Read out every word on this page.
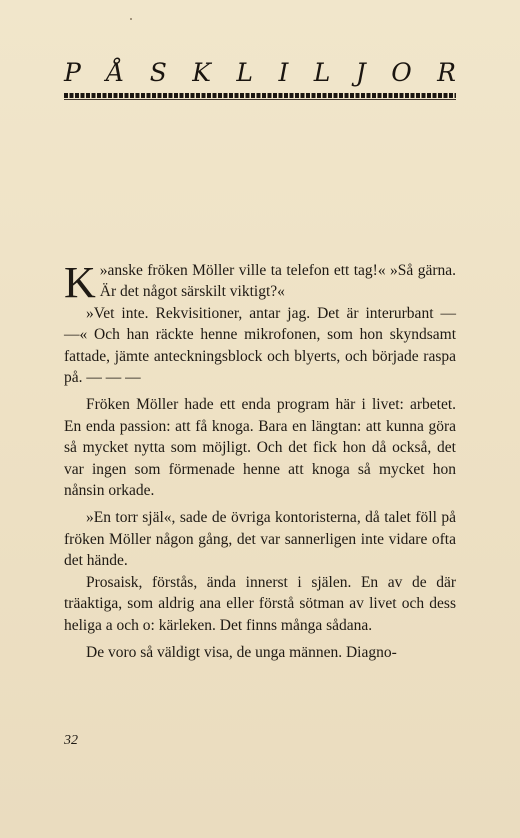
P Å S K L I L J O R

K »anske fröken Möller ville ta telefon ett tag!« »Så gärna. Är det något särskilt viktigt?«

»Vet inte. Rekvisitioner, antar jag. Det är interurbant — —« Och han räckte henne mikrofonen, som hon skyndsamt fattade, jämte anteckningsblock och blyerts, och började raspa på. — — —

Fröken Möller hade ett enda program här i livet: arbetet. En enda passion: att få knoga. Bara en längtan: att kunna göra så mycket nytta som möjligt. Och det fick hon då också, det var ingen som förmenade henne att knoga så mycket hon nånsin orkade.

»En torr själ«, sade de övriga kontoristerna, då talet föll på fröken Möller någon gång, det var sannerligen inte vidare ofta det hände.

Prosaisk, förstås, ända innerst i själen. En av de där träaktiga, som aldrig ana eller förstå sötman av livet och dess heliga a och o: kärleken. Det finns många sådana.

De voro så väldigt visa, de unga männen. Diagno-

32
